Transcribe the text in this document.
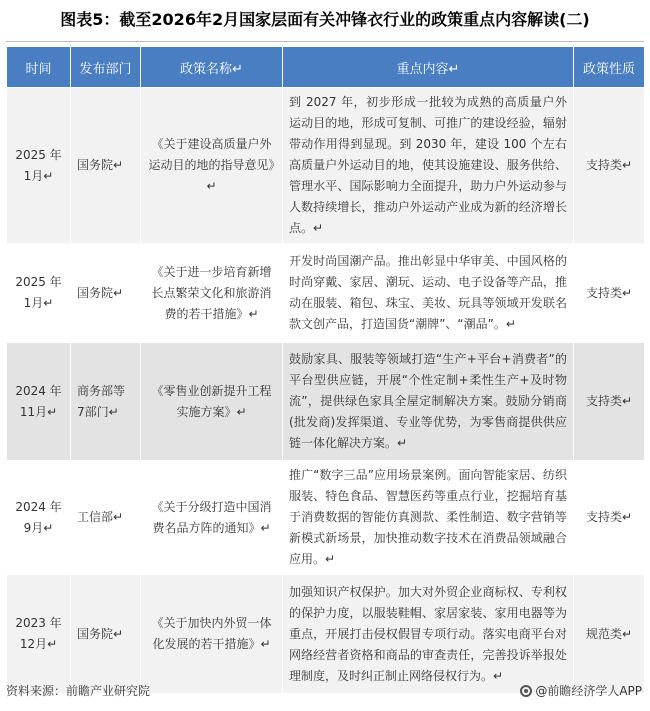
图表5：截至2026年2月国家层面有关冲锋衣行业的政策重点内容解读(二)
时间	发布部门	政策名称↵	重点内容↵	政策性质
2025 年 1月↵	国务院↵	《关于建设高质量户外运动目的地的指导意见》↵	到 2027 年，初步形成一批较为成熟的高质量户外运动目的地，形成可复制、可推广的建设经验，辐射带动作用得到显现。到 2030 年，建设 100 个左右高质量户外运动目的地，使其设施建设、服务供给、管理水平、国际影响力全面提升，助力户外运动参与人数持续增长，推动户外运动产业成为新的经济增长点。↵	支持类↵
2025 年 1月↵	国务院↵	《关于进一步培育新增长点繁荣文化和旅游消费的若干措施》↵	开发时尚国潮产品。推出彰显中华审美、中国风格的时尚穿戴、家居、潮玩、运动、电子设备等产品，推动在服装、箱包、珠宝、美妆、玩具等领域开发联名款文创产品，打造国货“潮牌”、“潮品”。↵	支持类↵
2024 年 11月↵	商务部等 7部门↵	《零售业创新提升工程实施方案》↵	鼓励家具、服装等领域打造“生产+平台+消费者”的平台型供应链，开展“个性定制+柔性生产+及时物流”，提供绿色家具全屋定制解决方案。鼓励分销商(批发商)发挥渠道、专业等优势，为零售商提供供应链一体化解决方案。↵	支持类↵
2024 年 9月↵	工信部↵	《关于分级打造中国消费名品方阵的通知》↵	推广“数字三品”应用场景案例。面向智能家居、纺织服装、特色食品、智慧医药等重点行业，挖掘培育基于消费数据的智能仿真测款、柔性制造、数字营销等新模式新场景，加快推动数字技术在消费品领域融合应用。↵	支持类↵
2023 年 12月↵	国务院↵	《关于加快内外贸一体化发展的若干措施》↵	加强知识产权保护。加大对外贸企业商标权、专利权的保护力度，以服装鞋帽、家居家装、家用电器等为重点，开展打击侵权假冒专项行动。落实电商平台对网络经营者资格和商品的审查责任，完善投诉举报处理制度，及时纠正制止网络侵权行为。↵	规范类↵
资料来源：前瞻产业研究院	@前瞻经济学人APP
